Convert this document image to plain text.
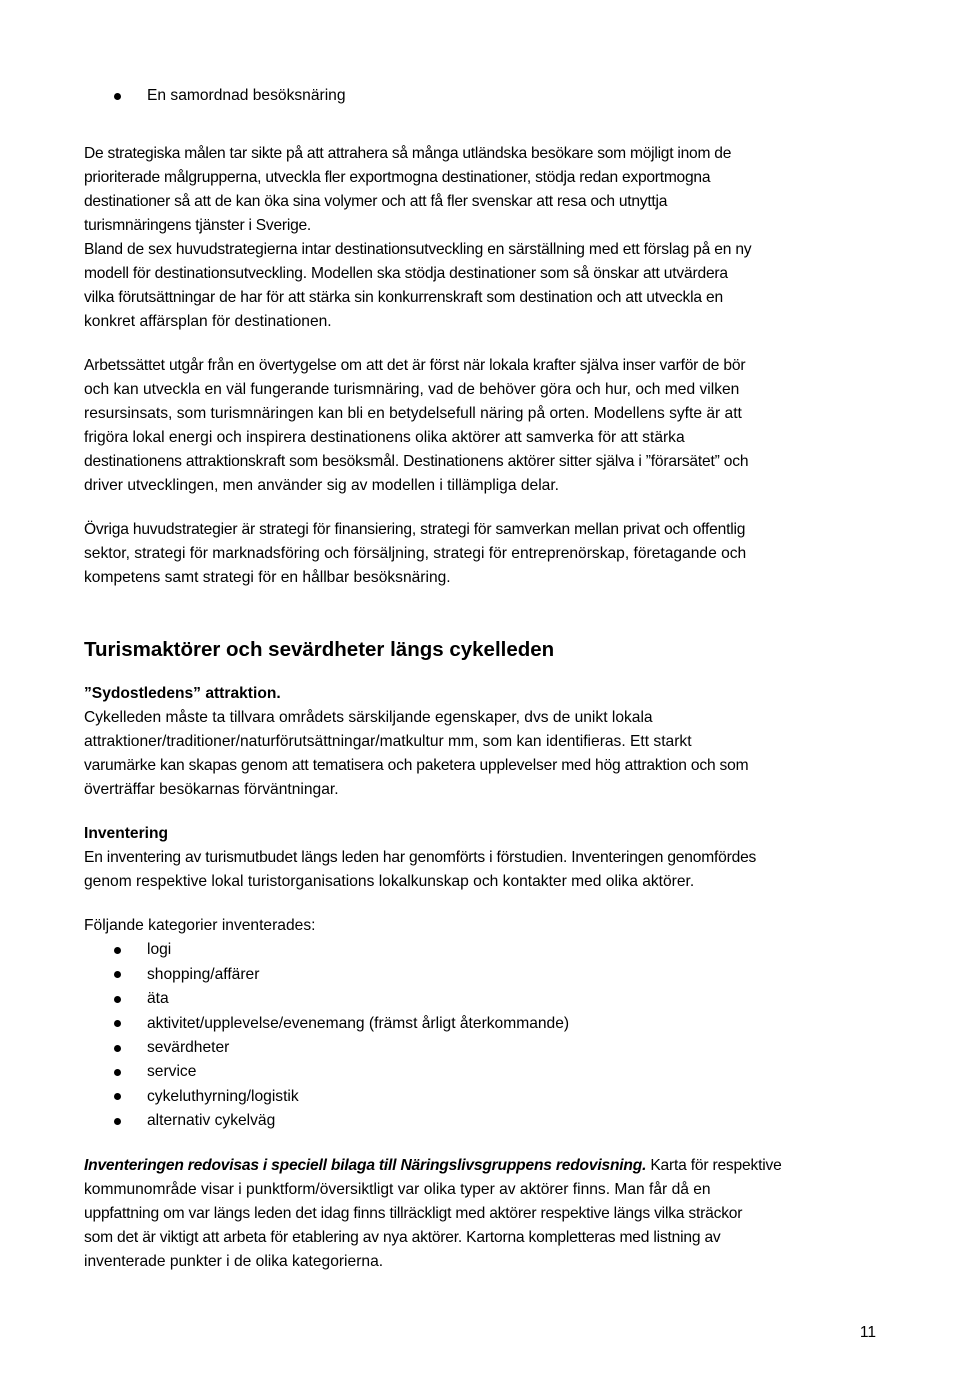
En samordnad besöksnäring
De strategiska målen tar sikte på att attrahera så många utländska besökare som möjligt inom de
prioriterade målgrupperna, utveckla fler exportmogna destinationer, stödja redan exportmogna
destinationer så att de kan öka sina volymer och att få fler svenskar att resa och utnyttja
turismnäringens tjänster i Sverige.
Bland de sex huvudstrategierna intar destinationsutveckling en särställning med ett förslag på en ny
modell för destinationsutveckling. Modellen ska stödja destinationer som så önskar att utvärdera
vilka förutsättningar de har för att stärka sin konkurrenskraft som destination och att utveckla en
konkret affärsplan för destinationen.
Arbetssättet utgår från en övertygelse om att det är först när lokala krafter själva inser varför de bör
och kan utveckla en väl fungerande turismnäring, vad de behöver göra och hur, och med vilken
resursinsats, som turismnäringen kan bli en betydelsefull näring på orten. Modellens syfte är att
frigöra lokal energi och inspirera destinationens olika aktörer att samverka för att stärka
destinationens attraktionskraft som besöksmål. Destinationens aktörer sitter själva i ”förarsätet” och
driver utvecklingen, men använder sig av modellen i tillämpliga delar.
Övriga huvudstrategier är strategi för finansiering, strategi för samverkan mellan privat och offentlig
sektor, strategi för marknadsföring och försäljning, strategi för entreprenörskap, företagande och
kompetens samt strategi för en hållbar besöksnäring.
Turismaktörer och sevärdheter längs cykelleden
”Sydostledens” attraktion.
Cykelleden måste ta tillvara områdets särskiljande egenskaper, dvs de unikt lokala
attraktioner/traditioner/naturförutsättningar/matkultur mm, som kan identifieras. Ett starkt
varumärke kan skapas genom att tematisera och paketera upplevelser med hög attraktion och som
överträffar besökarnas förväntningar.
Inventering
En inventering av turismutbudet längs leden har genomförts i förstudien. Inventeringen genomfördes
genom respektive lokal turistorganisations lokalkunskap och kontakter med olika aktörer.
Följande kategorier inventerades:
logi
shopping/affärer
äta
aktivitet/upplevelse/evenemang (främst årligt återkommande)
sevärdheter
service
cykeluthyrning/logistik
alternativ cykelväg
Inventeringen redovisas i speciell bilaga till Näringslivsgruppens redovisning. Karta för respektive
kommunområde visar i punktform/översiktligt var olika typer av aktörer finns. Man får då en
uppfattning om var längs leden det idag finns tillräckligt med aktörer respektive längs vilka sträckor
som det är viktigt att arbeta för etablering av nya aktörer. Kartorna kompletteras med listning av
inventerade punkter i de olika kategorierna.
11
